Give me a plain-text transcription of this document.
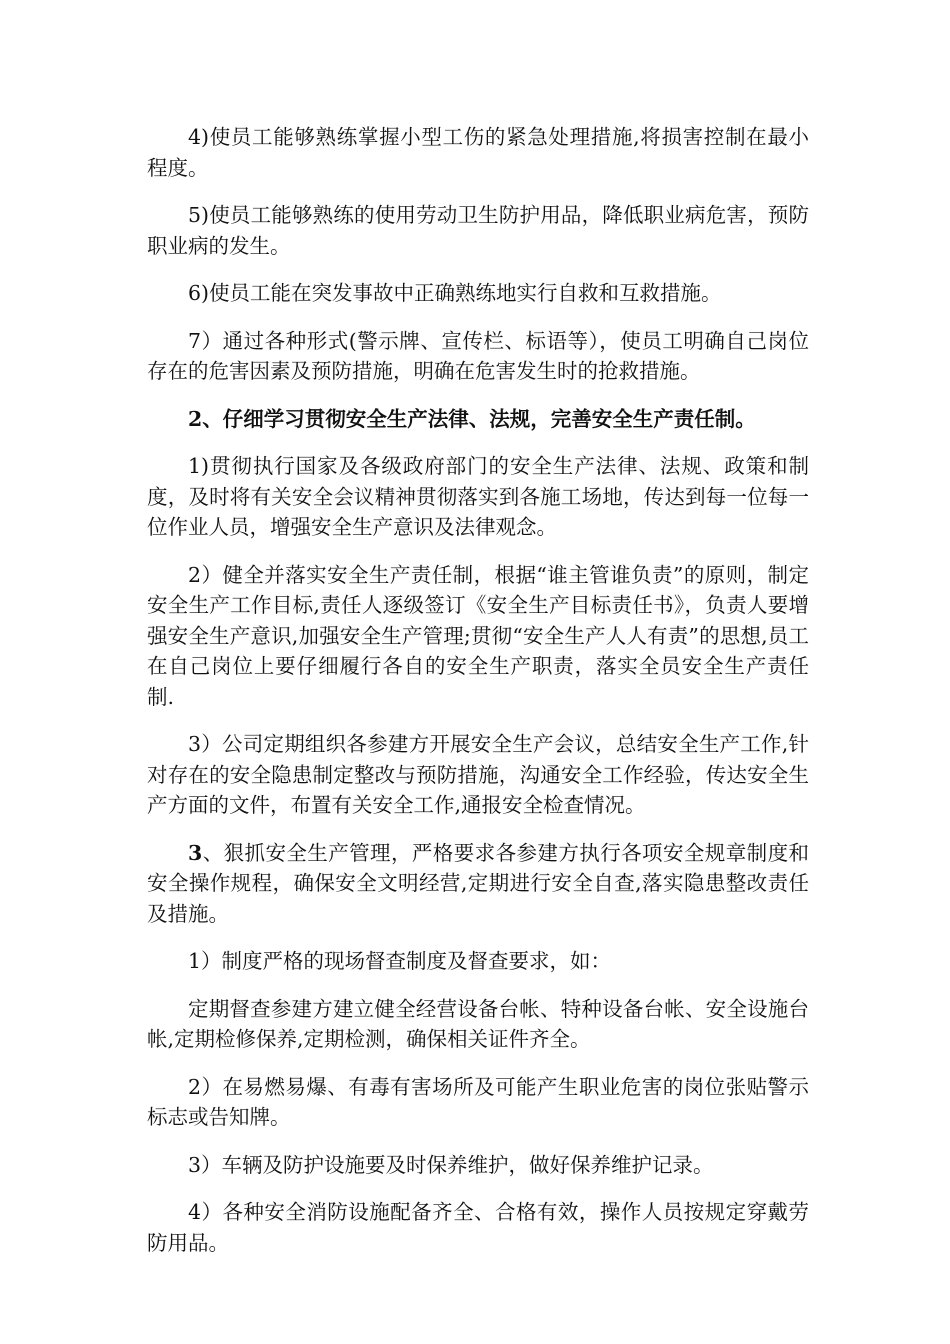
4)使员工能够熟练掌握小型工伤的紧急处理措施,将损害控制在最小程度。

5)使员工能够熟练的使用劳动卫生防护用品，降低职业病危害，预防职业病的发生。

6)使员工能在突发事故中正确熟练地实行自救和互救措施。

7）通过各种形式(警示牌、宣传栏、标语等），使员工明确自己岗位存在的危害因素及预防措施，明确在危害发生时的抢救措施。

2、仔细学习贯彻安全生产法律、法规，完善安全生产责任制。

1)贯彻执行国家及各级政府部门的安全生产法律、法规、政策和制度，及时将有关安全会议精神贯彻落实到各施工场地，传达到每一位每一位作业人员，增强安全生产意识及法律观念。

2）健全并落实安全生产责任制，根据“谁主管谁负责”的原则，制定安全生产工作目标,责任人逐级签订《安全生产目标责任书》，负责人要增强安全生产意识,加强安全生产管理;贯彻“安全生产人人有责”的思想,员工在自己岗位上要仔细履行各自的安全生产职责，落实全员安全生产责任制.

3）公司定期组织各参建方开展安全生产会议，总结安全生产工作,针对存在的安全隐患制定整改与预防措施，沟通安全工作经验，传达安全生产方面的文件，布置有关安全工作,通报安全检查情况。

3、狠抓安全生产管理，严格要求各参建方执行各项安全规章制度和安全操作规程，确保安全文明经营,定期进行安全自查,落实隐患整改责任及措施。

1）制度严格的现场督查制度及督查要求，如：

定期督查参建方建立健全经营设备台帐、特种设备台帐、安全设施台帐,定期检修保养,定期检测，确保相关证件齐全。

2）在易燃易爆、有毒有害场所及可能产生职业危害的岗位张贴警示标志或告知牌。

3）车辆及防护设施要及时保养维护，做好保养维护记录。

4）各种安全消防设施配备齐全、合格有效，操作人员按规定穿戴劳防用品。
